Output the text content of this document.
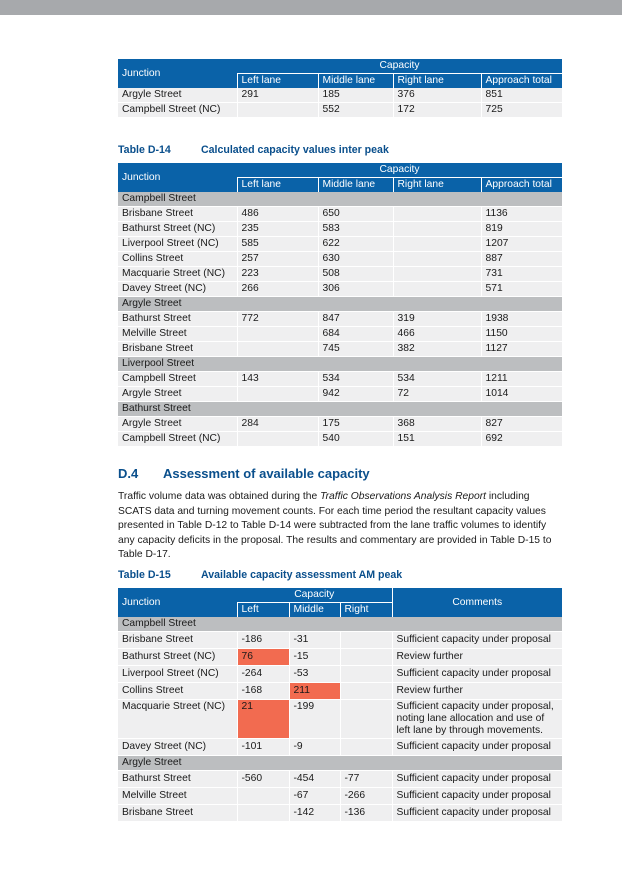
Junction	Capacity			
	Left lane	Middle lane	Right lane	Approach total
Argyle Street	291	185	376	851
Campbell Street (NC)		552	172	725
Table D-14	Calculated capacity values inter peak
Junction	Capacity			
	Left lane	Middle lane	Right lane	Approach total
Campbell Street				
Brisbane Street	486	650		1136
Bathurst Street (NC)	235	583		819
Liverpool Street (NC)	585	622		1207
Collins Street	257	630		887
Macquarie Street (NC)	223	508		731
Davey Street (NC)	266	306		571
Argyle Street				
Bathurst Street	772	847	319	1938
Melville Street		684	466	1150
Brisbane Street		745	382	1127
Liverpool Street				
Campbell Street	143	534	534	1211
Argyle Street		942	72	1014
Bathurst Street				
Argyle Street	284	175	368	827
Campbell Street (NC)		540	151	692
D.4 Assessment of available capacity

Traffic volume data was obtained during the Traffic Observations Analysis Report including SCATS data and turning movement counts. For each time period the resultant capacity values presented in Table D-12 to Table D-14 were subtracted from the lane traffic volumes to identify any capacity deficits in the proposal. The results and commentary are provided in Table D-15 to Table D-17.

Table D-15	Available capacity assessment AM peak
Junction	Capacity			Comments
	Left	Middle	Right	
Campbell Street				
Brisbane Street	-186	-31		Sufficient capacity under proposal
Bathurst Street (NC)	76	-15		Review further
Liverpool Street (NC)	-264	-53		Sufficient capacity under proposal
Collins Street	-168	211		Review further
Macquarie Street (NC)	21	-199		Sufficient capacity under proposal, noting lane allocation and use of left lane by through movements.
Davey Street (NC)	-101	-9		Sufficient capacity under proposal
Argyle Street				
Bathurst Street	-560	-454	-77	Sufficient capacity under proposal
Melville Street		-67	-266	Sufficient capacity under proposal
Brisbane Street		-142	-136	Sufficient capacity under proposal
